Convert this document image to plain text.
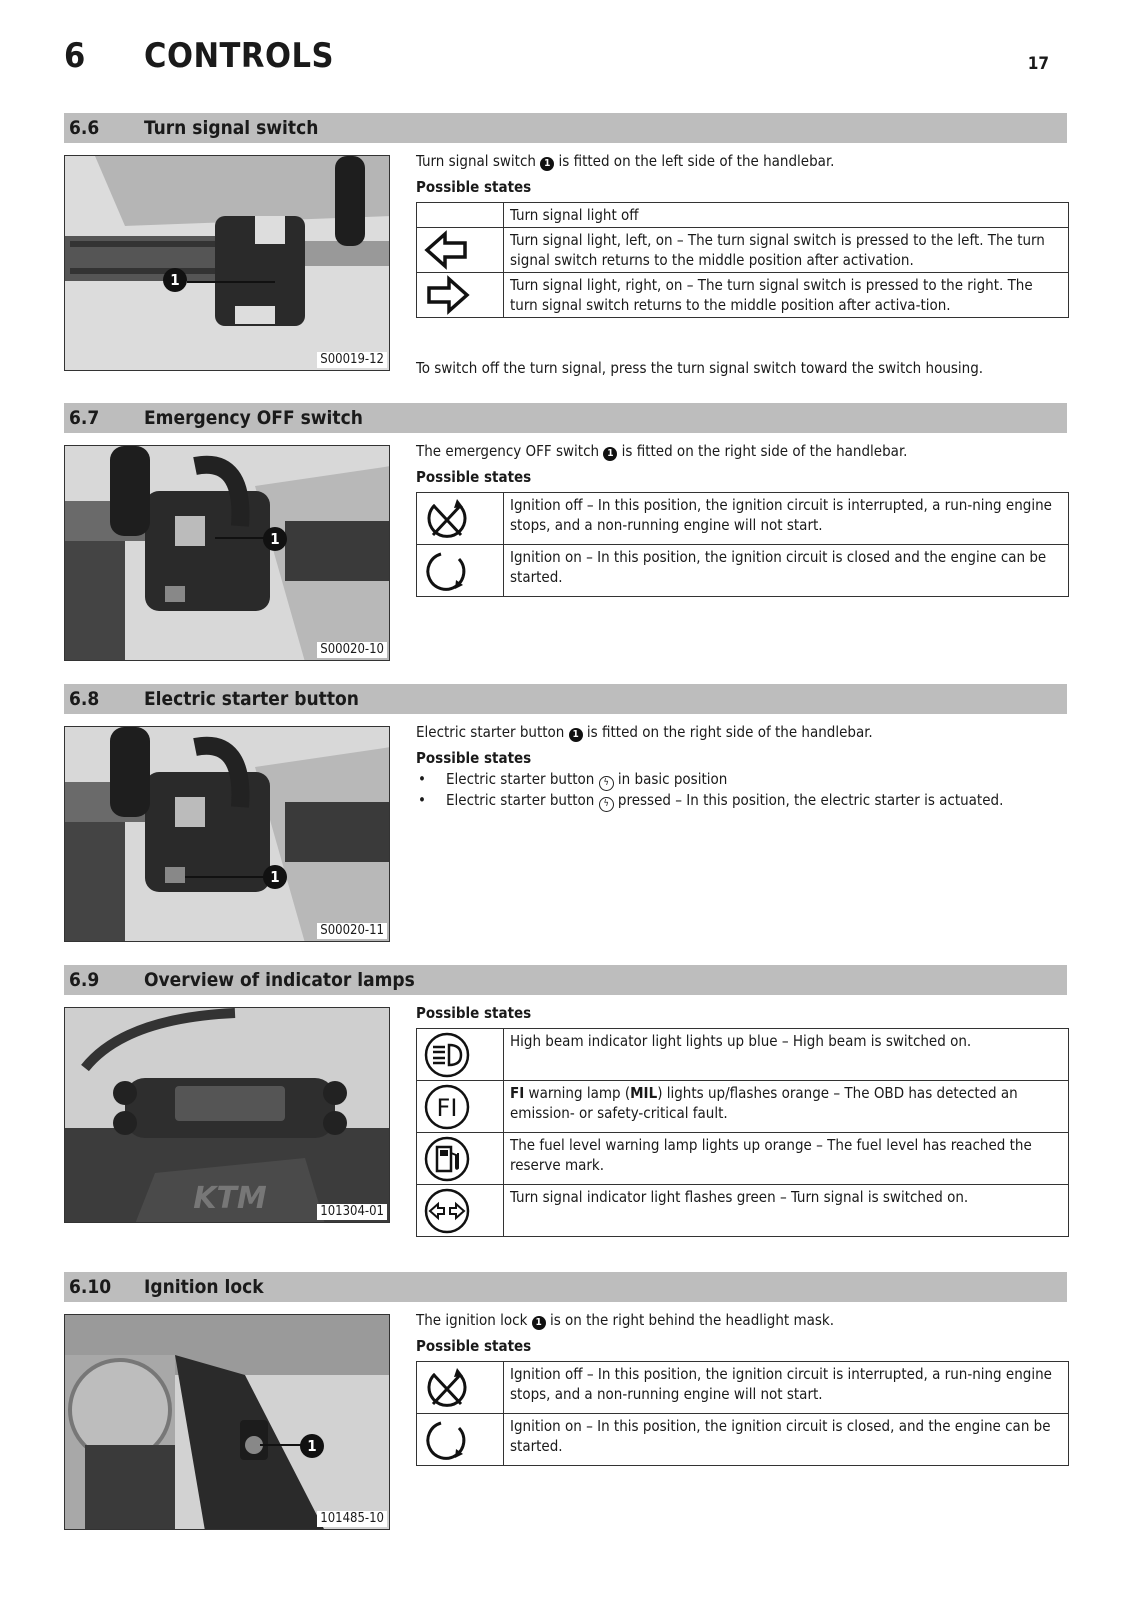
6 CONTROLS	17
6.6 Turn signal switch
1
S00019-12
Turn signal switch 1 is fitted on the left side of the handlebar.
Possible states
	Turn signal light off

	Turn signal light, left, on – The turn signal switch is pressed to the left. The turn signal switch returns to the middle position after activation.

	Turn signal light, right, on – The turn signal switch is pressed to the right. The turn signal switch returns to the middle position after activa-tion.
To switch off the turn signal, press the turn signal switch toward the switch housing.
6.7 Emergency OFF switch
1
S00020-10
The emergency OFF switch 1 is fitted on the right side of the handlebar.
Possible states
	Ignition off – In this position, the ignition circuit is interrupted, a run-ning engine stops, and a non-running engine will not start.

	Ignition on – In this position, the ignition circuit is closed and the engine can be started.
6.8 Electric starter button
1
S00020-11
Electric starter button 1 is fitted on the right side of the handlebar.
Possible states
• Electric starter button ϟ in basic position
• Electric starter button ϟ pressed – In this position, the electric starter is actuated.
6.9 Overview of indicator lamps
KTM	101304-01
Possible states
	High beam indicator light lights up blue – High beam is switched on.

FI	FI warning lamp (MIL) lights up/flashes orange – The OBD has detected an emission- or safety-critical fault.

	The fuel level warning lamp lights up orange – The fuel level has reached the reserve mark.

	Turn signal indicator light flashes green – Turn signal is switched on.
6.10 Ignition lock
1
101485-10
The ignition lock 1 is on the right behind the headlight mask.
Possible states
	Ignition off – In this position, the ignition circuit is interrupted, a run-ning engine stops, and a non-running engine will not start.

	Ignition on – In this position, the ignition circuit is closed, and the engine can be started.
